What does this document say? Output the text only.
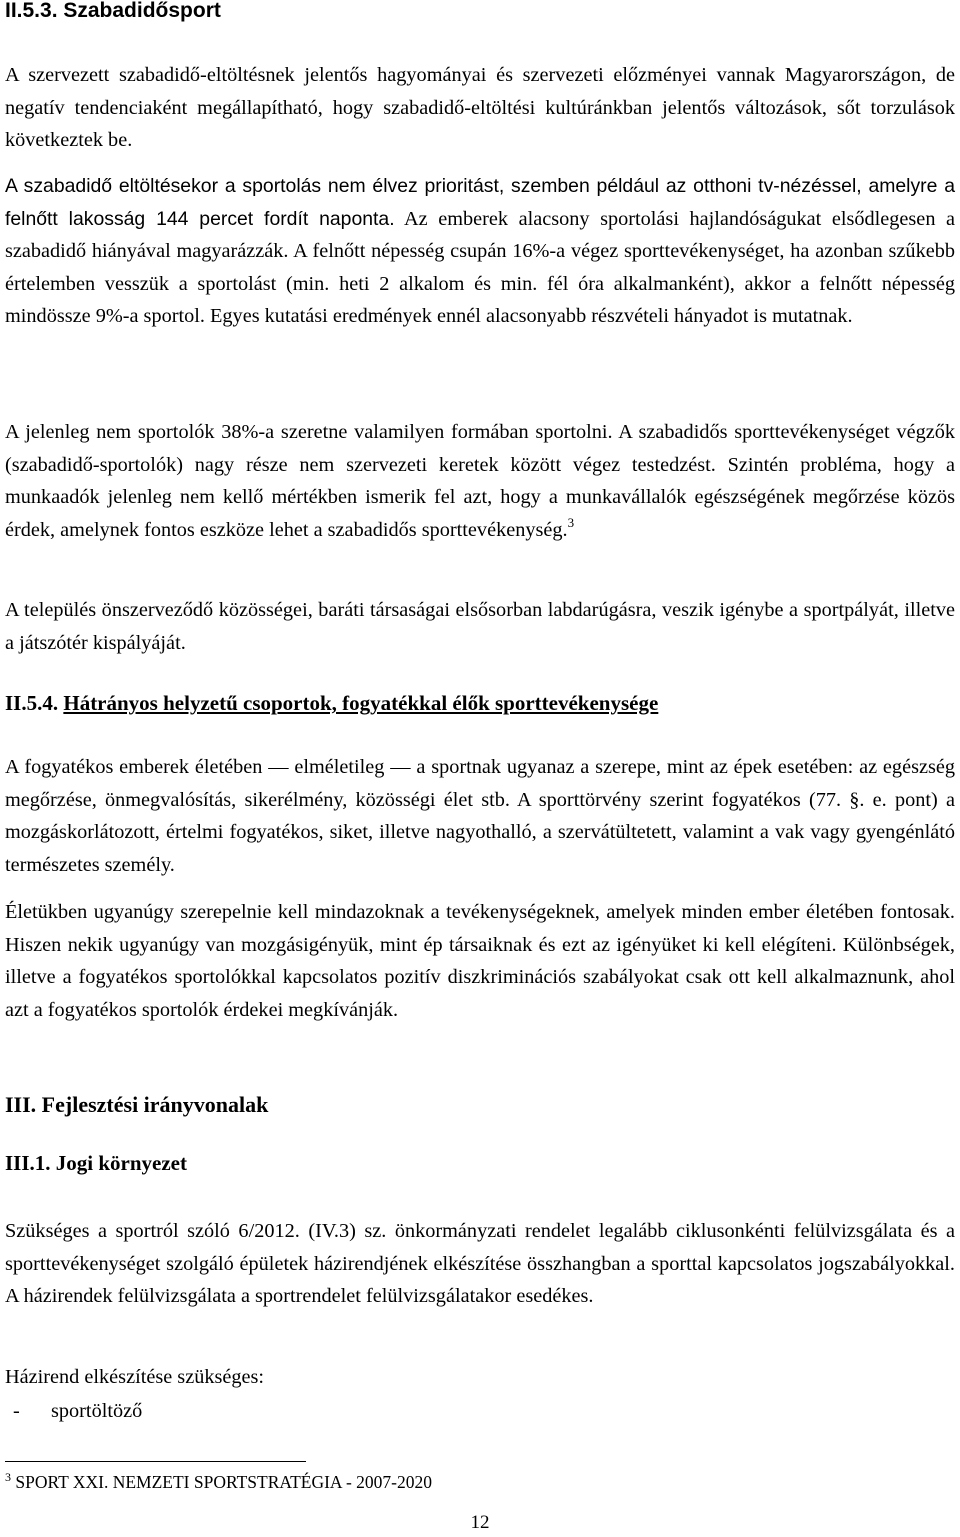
II.5.3. Szabadidősport

A szervezett szabadidő-eltöltésnek jelentős hagyományai és szervezeti előzményei vannak Magyarországon, de negatív tendenciaként megállapítható, hogy szabadidő-eltöltési kultúránkban jelentős változások, sőt torzulások következtek be.

A szabadidő eltöltésekor a sportolás nem élvez prioritást, szemben például az otthoni tv-nézéssel, amelyre a felnőtt lakosság 144 percet fordít naponta. Az emberek alacsony sportolási hajlandóságukat elsődlegesen a szabadidő hiányával magyarázzák. A felnőtt népesség csupán 16%-a végez sporttevékenységet, ha azonban szűkebb értelemben vesszük a sportolást (min. heti 2 alkalom és min. fél óra alkalmanként), akkor a felnőtt népesség mindössze 9%-a sportol. Egyes kutatási eredmények ennél alacsonyabb részvételi hányadot is mutatnak.

A jelenleg nem sportolók 38%-a szeretne valamilyen formában sportolni. A szabadidős sporttevékenységet végzők (szabadidő-sportolók) nagy része nem szervezeti keretek között végez testedzést. Szintén probléma, hogy a munkaadók jelenleg nem kellő mértékben ismerik fel azt, hogy a munkavállalók egészségének megőrzése közös érdek, amelynek fontos eszköze lehet a szabadidős sporttevékenység.$^3$

A település önszerveződő közösségei, baráti társaságai elsősorban labdarúgásra, veszik igénybe a sportpályát, illetve a játszótér kispályáját.

II.5.4. Hátrányos helyzetű csoportok, fogyatékkal élők sporttevékenysége

A fogyatékos emberek életében — elméletileg — a sportnak ugyanaz a szerepe, mint az épek esetében: az egészség megőrzése, önmegvalósítás, sikerélmény, közösségi élet stb. A sporttörvény szerint fogyatékos (77. §. e. pont) a mozgáskorlátozott, értelmi fogyatékos, siket, illetve nagyothalló, a szervátültetett, valamint a vak vagy gyengénlátó természetes személy.

Életükben ugyanúgy szerepelnie kell mindazoknak a tevékenységeknek, amelyek minden ember életében fontosak. Hiszen nekik ugyanúgy van mozgásigényük, mint ép társaiknak és ezt az igényüket ki kell elégíteni. Különbségek, illetve a fogyatékos sportolókkal kapcsolatos pozitív diszkriminációs szabályokat csak ott kell alkalmaznunk, ahol azt a fogyatékos sportolók érdekei megkívánják.

III. Fejlesztési irányvonalak
III.1. Jogi környezet

Szükséges a sportról szóló 6/2012. (IV.3) sz. önkormányzati rendelet legalább ciklusonkénti felülvizsgálata és a sporttevékenységet szolgáló épületek házirendjének elkészítése összhangban a sporttal kapcsolatos jogszabályokkal. A házirendek felülvizsgálata a sportrendelet felülvizsgálatakor esedékes.

Házirend elkészítése szükséges:

- sportöltöző
$^3$ SPORT XXI. NEMZETI SPORTSTRATÉGIA - 2007-2020
12
